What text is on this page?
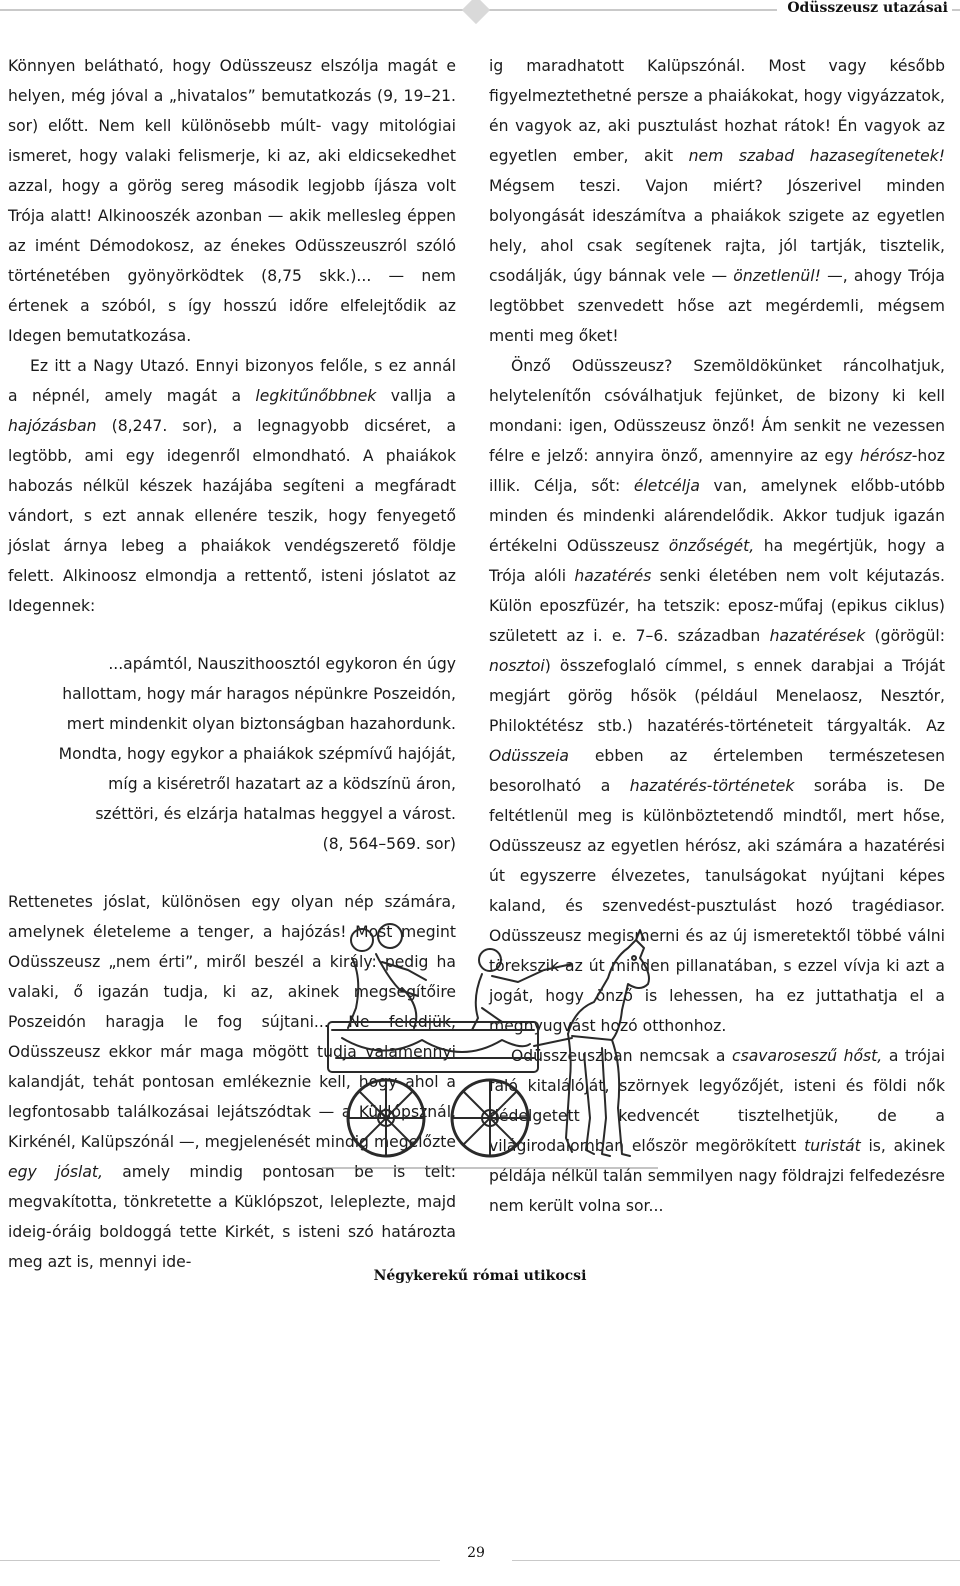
Odüsszeusz utazásai

Könnyen belátható, hogy Odüsszeusz elszólja magát e helyen, még jóval a „hivatalos” bemutatkozás (9, 19–21. sor) előtt. Nem kell különösebb múlt- vagy mitológiai ismeret, hogy valaki felismerje, ki az, aki eldicsekedhet azzal, hogy a görög sereg második legjobb íjásza volt Trója alatt! Alkinooszék azonban — akik mellesleg éppen az imént Démodokosz, az énekes Odüsszeuszról szóló történetében gyönyörködtek (8,75 skk.)... — nem értenek a szóból, s így hosszú időre elfelejtődik az Idegen bemutatkozása.

Ez itt a Nagy Utazó. Ennyi bizonyos felőle, s ez annál a népnél, amely magát a legkitűnőbbnek vallja a hajózásban (8,247. sor), a legnagyobb dicséret, a legtöbb, ami egy idegenről elmondható. A phaiákok habozás nélkül készek hazájába segíteni a megfáradt vándort, s ezt annak ellenére teszik, hogy fenyegető jóslat árnya lebeg a phaiákok vendégszerető földje felett. Alkinoosz elmondja a rettentő, isteni jóslatot az Idegennek:

...apámtól, Nauszithoosztól egykoron én úgy

hallottam, hogy már haragos népünkre Poszeidón,

mert mindenkit olyan biztonságban hazahordunk.

Mondta, hogy egykor a phaiákok szépmívű hajóját,

míg a kiséretről hazatart az a ködszínü áron,

széttöri, és elzárja hatalmas heggyel a várost.

(8, 564–569. sor)

Rettenetes jóslat, különösen egy olyan nép számára, amelynek életeleme a tenger, a hajózás! Most megint Odüsszeusz „nem érti”, miről beszél a király: pedig ha valaki, ő igazán tudja, ki az, akinek megsegítőire Poszeidón haragja le fog sújtani... Ne feledjük, Odüsszeusz ekkor már maga mögött tudja valamennyi kalandját, tehát pontosan emlékeznie kell, hogy ahol a legfontosabb találkozásai lejátszódtak — a Küklópsznál, Kirkénél, Kalüpszónál —, megjelenését mindig megelőzte egy jóslat, amely mindig pontosan be is telt: megvakította, tönkretette a Küklópszot, leleplezte, majd ideig-óráig boldoggá tette Kirkét, s isteni szó határozta meg azt is, mennyi ide-

ig maradhatott Kalüpszónál. Most vagy később figyelmeztethetné persze a phaiákokat, hogy vigyázzatok, én vagyok az, aki pusztulást hozhat rátok! Én vagyok az egyetlen ember, akit nem szabad hazasegítenetek! Mégsem teszi. Vajon miért? Jószerivel minden bolyongását ideszámítva a phaiákok szigete az egyetlen hely, ahol csak segítenek rajta, jól tartják, tisztelik, csodálják, úgy bánnak vele — önzetlenül! —, ahogy Trója legtöbbet szenvedett hőse azt megérdemli, mégsem menti meg őket!

Önző Odüsszeusz? Szemöldökünket ráncolhatjuk, helytelenítőn csóválhatjuk fejünket, de bizony ki kell mondani: igen, Odüsszeusz önző! Ám senkit ne vezessen félre e jelző: annyira önző, amennyire az egy hérósz-hoz illik. Célja, sőt: életcélja van, amelynek előbb-utóbb minden és mindenki alárendelődik. Akkor tudjuk igazán értékelni Odüsszeusz önzőségét, ha megértjük, hogy a Trója alóli hazatérés senki életében nem volt kéjutazás. Külön eposzfüzér, ha tetszik: eposz-műfaj (epikus ciklus) született az i. e. 7–6. században hazatérések (görögül: nosztoi) összefoglaló címmel, s ennek darabjai a Tróját megjárt görög hősök (például Menelaosz, Nesztór, Philoktétész stb.) hazatérés-történeteit tárgyalták. Az Odüsszeia ebben az értelemben természetesen besorolható a hazatérés-történetek sorába is. De feltétlenül meg is különböztetendő mindtől, mert hőse, Odüsszeusz az egyetlen hérósz, aki számára a hazatérési út egyszerre élvezetes, tanulságokat nyújtani képes kaland, és szenvedést-pusztulást hozó tragédiasor. Odüsszeusz megismerni és az új ismeretektől többé válni törekszik az út minden pillanatában, s ezzel vívja ki azt a jogát, hogy önző is lehessen, ha ez juttathatja el a megnyugvást hozó otthonhoz.

Odüsszeuszban nemcsak a csavaroseszű hőst, a trójai faló kitalálóját, szörnyek legyőzőjét, isteni és földi nők dédelgetett kedvencét tisztelhetjük, de a világirodalomban először megörökített turistát is, akinek példája nélkül talán semmilyen nagy földrajzi felfedezésre nem került volna sor...

Négykerekű római utikocsi
29
